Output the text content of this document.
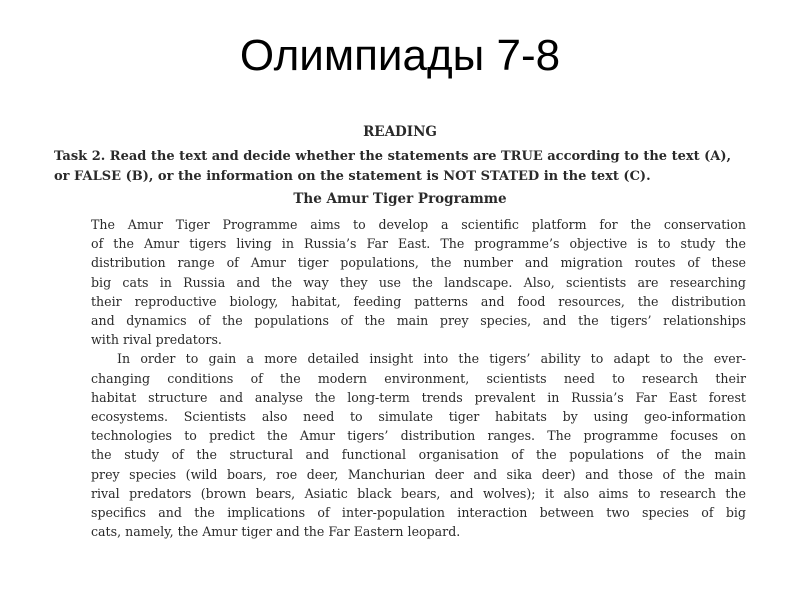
Олимпиады 7-8
READING
Task 2. Read the text and decide whether the statements are TRUE according to the text (A),
or FALSE (B), or the information on the statement is NOT STATED in the text (C).
The Amur Tiger Programme
The Amur Tiger Programme aims to develop a scientific platform for the conservation
of the Amur tigers living in Russia’s Far East. The programme’s objective is to study the
distribution range of Amur tiger populations, the number and migration routes of these
big cats in Russia and the way they use the landscape. Also, scientists are researching
their reproductive biology, habitat, feeding patterns and food resources, the distribution
and dynamics of the populations of the main prey species, and the tigers’ relationships
with rival predators.
In order to gain a more detailed insight into the tigers’ ability to adapt to the ever-
changing conditions of the modern environment, scientists need to research their
habitat structure and analyse the long-term trends prevalent in Russia’s Far East forest
ecosystems. Scientists also need to simulate tiger habitats by using geo-information
technologies to predict the Amur tigers’ distribution ranges. The programme focuses on
the study of the structural and functional organisation of the populations of the main
prey species (wild boars, roe deer, Manchurian deer and sika deer) and those of the main
rival predators (brown bears, Asiatic black bears, and wolves); it also aims to research the
specifics and the implications of inter-population interaction between two species of big
cats, namely, the Amur tiger and the Far Eastern leopard.
